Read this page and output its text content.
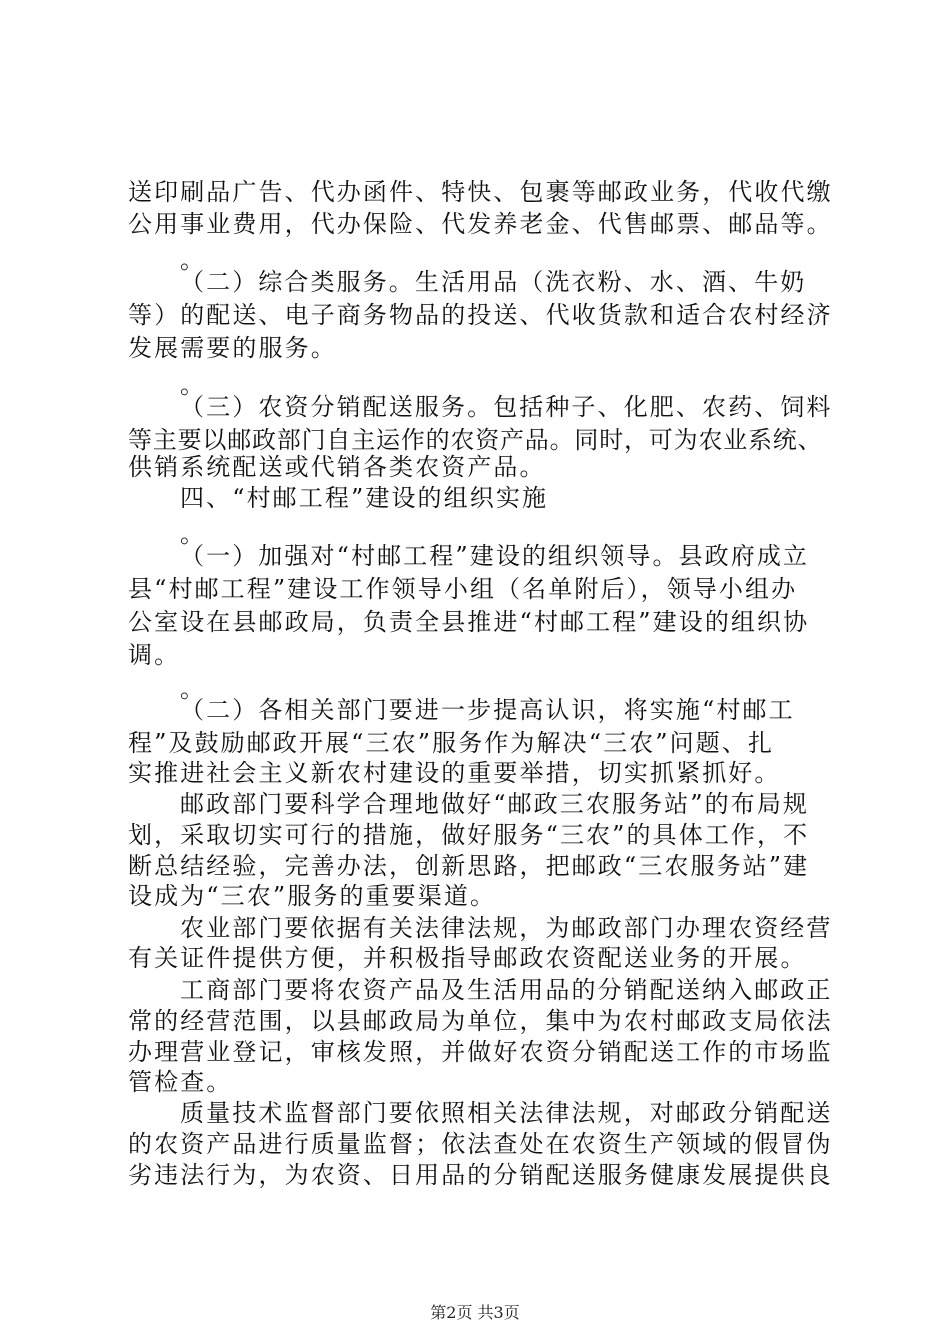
送印刷品广告、代办函件、特快、包裹等邮政业务，代收代缴
公用事业费用，代办保险、代发养老金、代售邮票、邮品等。
。
（二）综合类服务。生活用品（洗衣粉、水、酒、牛奶
等）的配送、电子商务物品的投送、代收货款和适合农村经济
发展需要的服务。
。
（三）农资分销配送服务。包括种子、化肥、农药、饲料
等主要以邮政部门自主运作的农资产品。同时，可为农业系统、
供销系统配送或代销各类农资产品。
四、“村邮工程”建设的组织实施
。
（一）加强对“村邮工程”建设的组织领导。县政府成立
县“村邮工程”建设工作领导小组（名单附后），领导小组办
公室设在县邮政局，负责全县推进“村邮工程”建设的组织协
调。
。
（二）各相关部门要进一步提高认识，将实施“村邮工
程”及鼓励邮政开展“三农”服务作为解决“三农”问题、扎
实推进社会主义新农村建设的重要举措，切实抓紧抓好。
邮政部门要科学合理地做好“邮政三农服务站”的布局规
划，采取切实可行的措施，做好服务“三农”的具体工作，不
断总结经验，完善办法，创新思路，把邮政“三农服务站”建
设成为“三农”服务的重要渠道。
农业部门要依据有关法律法规，为邮政部门办理农资经营
有关证件提供方便，并积极指导邮政农资配送业务的开展。
工商部门要将农资产品及生活用品的分销配送纳入邮政正
常的经营范围，以县邮政局为单位，集中为农村邮政支局依法
办理营业登记，审核发照，并做好农资分销配送工作的市场监
管检查。
质量技术监督部门要依照相关法律法规，对邮政分销配送
的农资产品进行质量监督；依法查处在农资生产领域的假冒伪
劣违法行为，为农资、日用品的分销配送服务健康发展提供良
第2页 共3页
